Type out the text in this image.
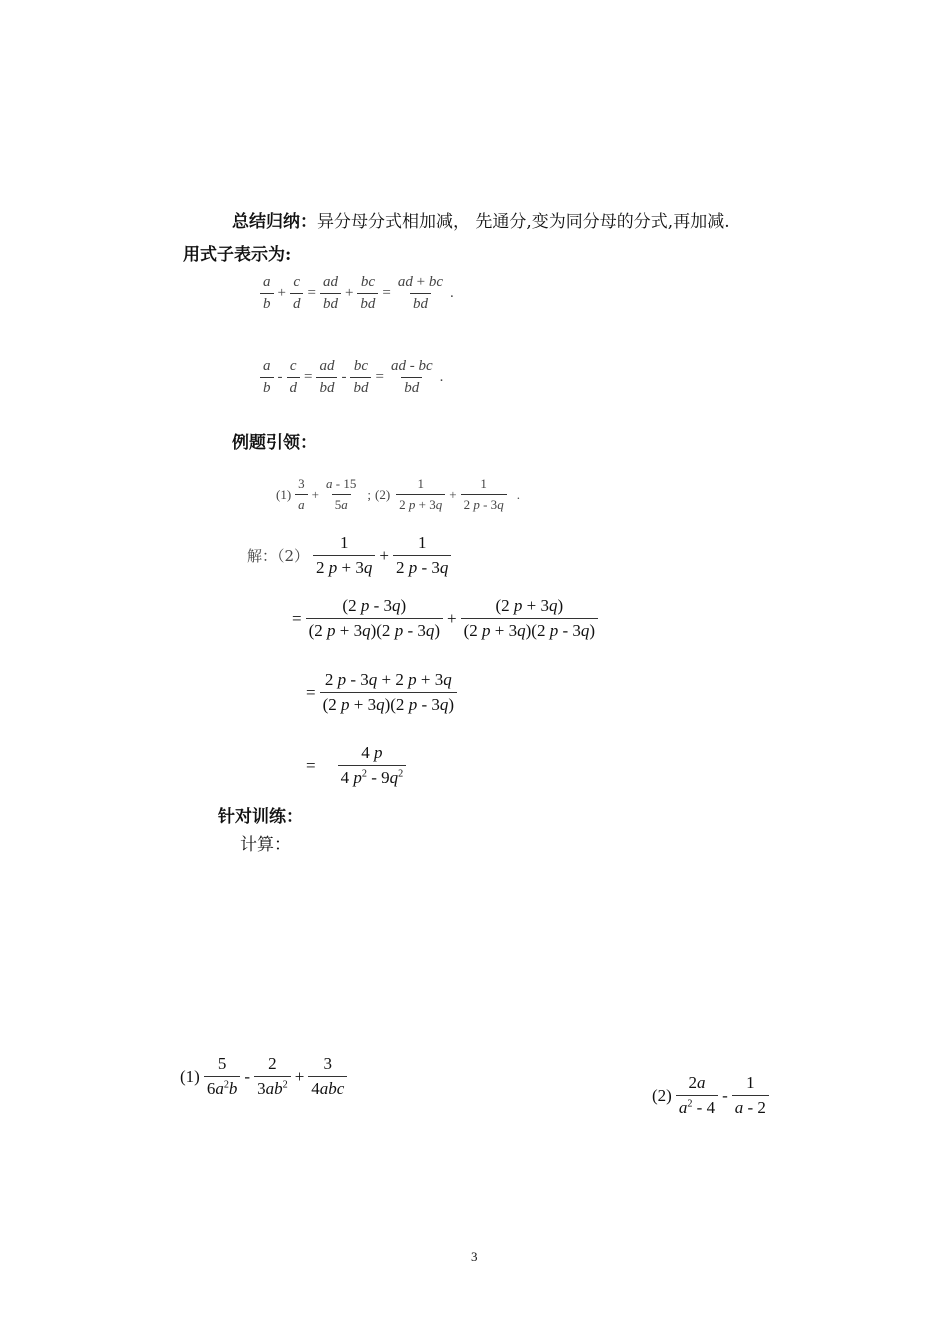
总结归纳：异分母分式相加减， 先通分,变为同分母的分式,再加减.
用式子表示为:
$\frac{a}{b} + \frac{c}{d} = \frac{ad}{bd} + \frac{bc}{bd} = \frac{ad + bc}{bd}$ .
$\frac{a}{b} - \frac{c}{d} = \frac{ad}{bd} - \frac{bc}{bd} = \frac{ad - bc}{bd}$ .
例题引领：
$(1) \frac{3}{a} + \frac{a - 15}{5a}$ ; $(2) \frac{1}{2 p + 3q} + \frac{1}{2 p - 3q}$ .
解：$(2) \frac{1}{2 p + 3q} + \frac{1}{2 p - 3q}$
= $\frac{(2 p - 3q)}{(2 p + 3q)(2 p - 3q)} + \frac{(2 p + 3q)}{(2 p + 3q)(2 p - 3q)}$
= $\frac{2 p - 3q + 2 p + 3q}{(2 p + 3q)(2 p - 3q)}$
= $\frac{4 p}{4 p^2 - 9q^2}$
针对训练：
计算：
$(1) \frac{5}{6a^2b} - \frac{2}{3ab^2} + \frac{3}{\text{4abc}}$	$(2) \frac{2a}{a^2 - 4} - \frac{1}{a - 2}$
3
